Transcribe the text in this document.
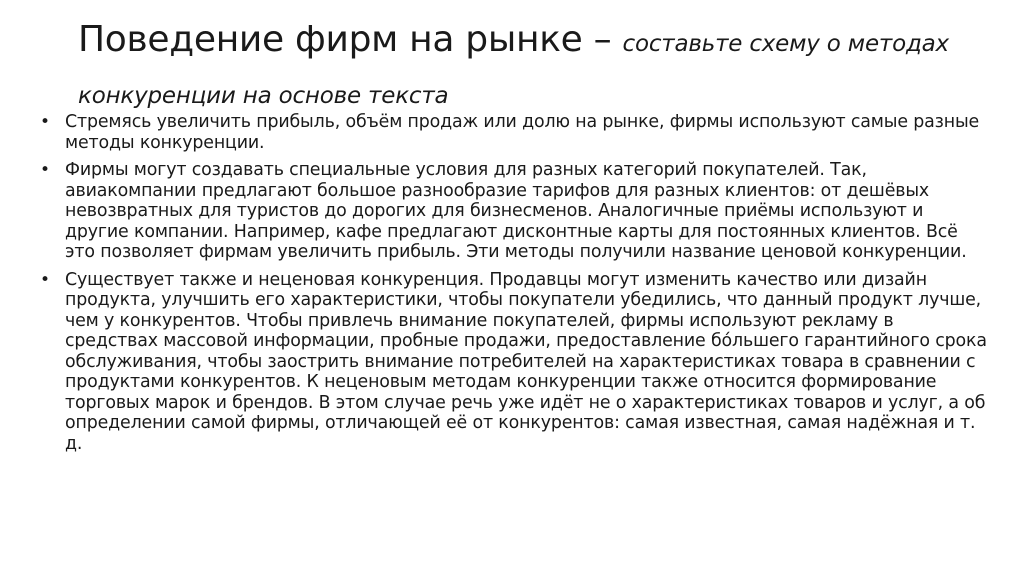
Поведение фирм на рынке – составьте схему о методах конкуренции на основе текста
• Стремясь увеличить прибыль, объём продаж или долю на рынке, фирмы используют самые разные методы конкуренции.
• Фирмы могут создавать специальные условия для разных категорий покупателей. Так, авиакомпании предлагают большое разнообразие тарифов для разных клиентов: от дешёвых невозвратных для туристов до дорогих для бизнесменов. Аналогичные приёмы используют и другие компании. Например, кафе предлагают дисконтные карты для постоянных клиентов. Всё это позволяет фирмам увеличить прибыль. Эти методы получили название ценовой конкуренции.
• Существует также и неценовая конкуренция. Продавцы могут изменить качество или дизайн продукта, улучшить его характеристики, чтобы покупатели убедились, что данный продукт лучше, чем у конкурентов. Чтобы привлечь внимание покупателей, фирмы используют рекламу в средствах массовой информации, пробные продажи, предоставление бóльшего гарантийного срока обслуживания, чтобы заострить внимание потребителей на характеристиках товара в сравнении с продуктами конкурентов. К неценовым методам конкуренции также относится формирование торговых марок и брендов. В этом случае речь уже идёт не о характеристиках товаров и услуг, а об определении самой фирмы, отличающей её от конкурентов: самая известная, самая надёжная и т. д.
